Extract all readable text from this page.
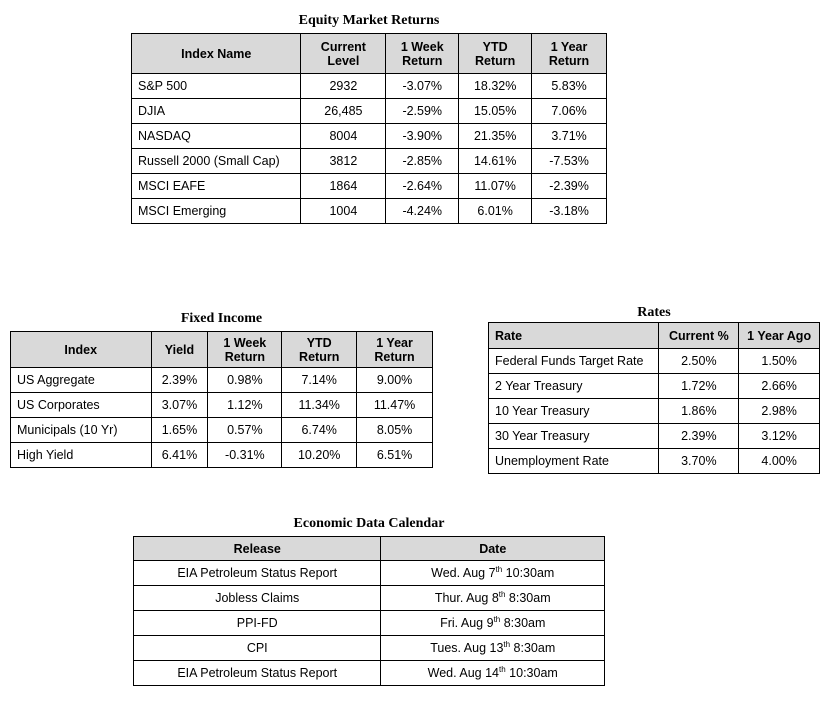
Equity Market Returns
Index Name	Current Level	1 Week Return	YTD Return	1 Year Return
S&P 500	2932	-3.07%	18.32%	5.83%
DJIA	26,485	-2.59%	15.05%	7.06%
NASDAQ	8004	-3.90%	21.35%	3.71%
Russell 2000 (Small Cap)	3812	-2.85%	14.61%	-7.53%
MSCI EAFE	1864	-2.64%	11.07%	-2.39%
MSCI Emerging	1004	-4.24%	6.01%	-3.18%
Fixed Income
Index	Yield	1 Week Return	YTD Return	1 Year Return
US Aggregate	2.39%	0.98%	7.14%	9.00%
US Corporates	3.07%	1.12%	11.34%	11.47%
Municipals (10 Yr)	1.65%	0.57%	6.74%	8.05%
High Yield	6.41%	-0.31%	10.20%	6.51%
Rates
Rate	Current %	1 Year Ago
Federal Funds Target Rate	2.50%	1.50%
2 Year Treasury	1.72%	2.66%
10 Year Treasury	1.86%	2.98%
30 Year Treasury	2.39%	3.12%
Unemployment Rate	3.70%	4.00%
Economic Data Calendar
Release	Date
EIA Petroleum Status Report	Wed. Aug 7th 10:30am
Jobless Claims	Thur. Aug 8th 8:30am
PPI-FD	Fri. Aug 9th 8:30am
CPI	Tues. Aug 13th 8:30am
EIA Petroleum Status Report	Wed. Aug 14th 10:30am
